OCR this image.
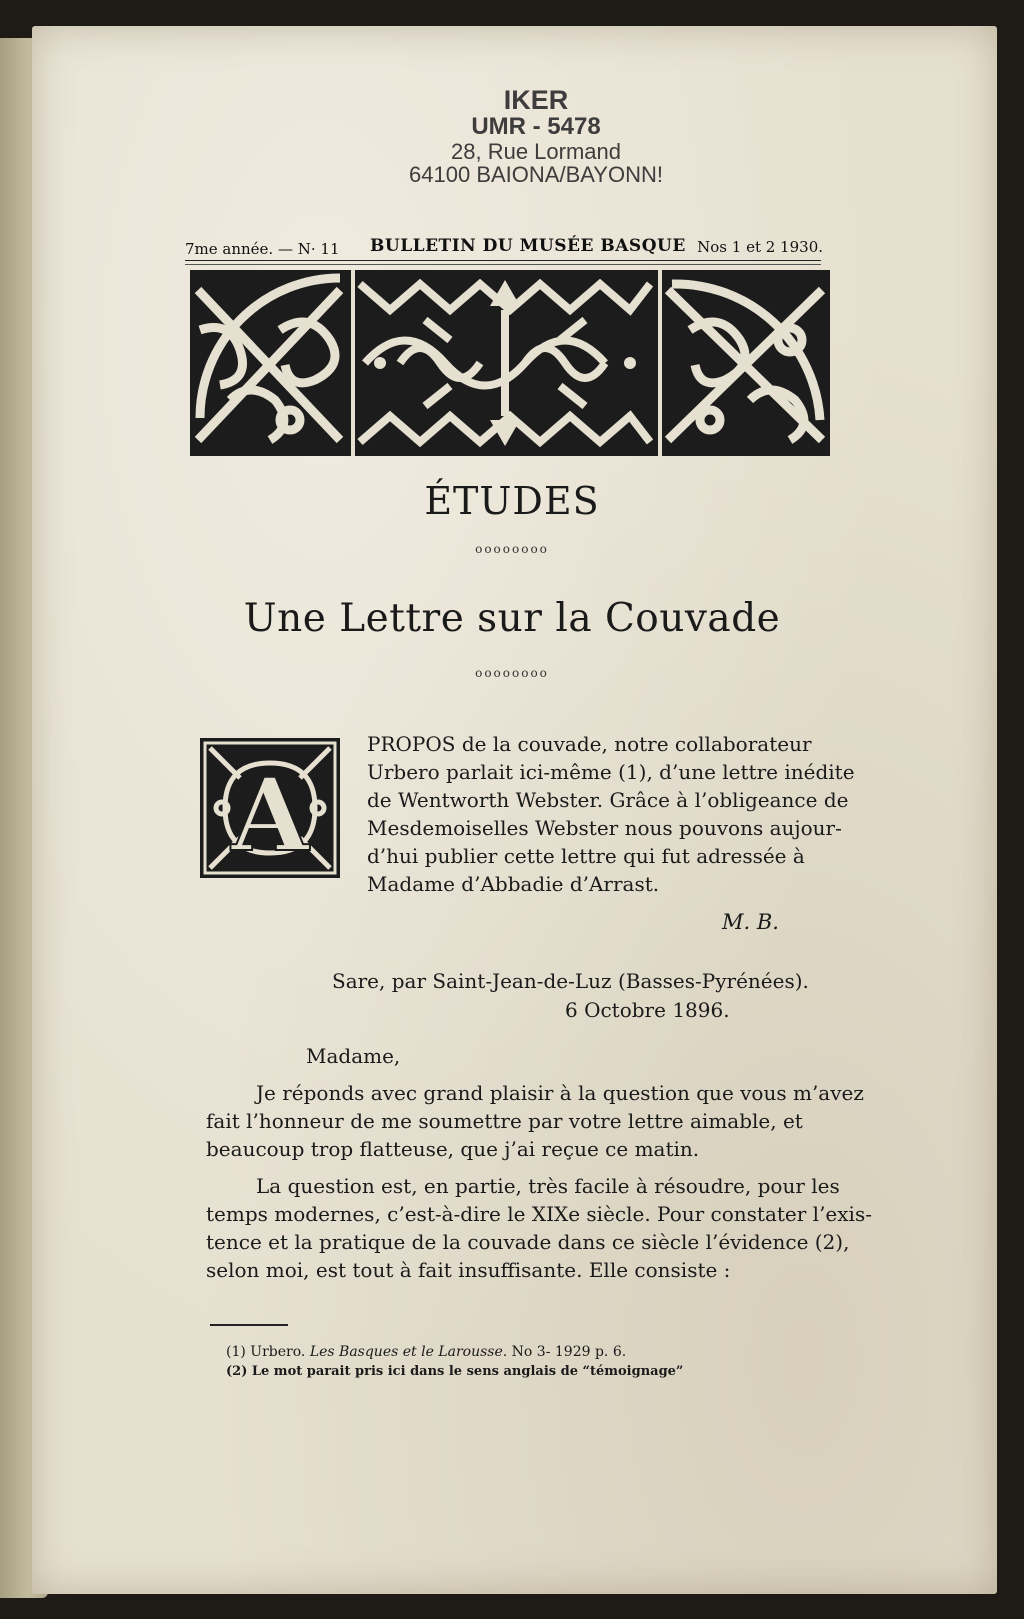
IKER
UMR - 5478
28, Rue Lormand
64100 BAIONA/BAYONN!
7me année. — N· 11 BULLETIN DU MUSÉE BASQUE Nos 1 et 2 1930.
ÉTUDES
oooooooo
Une Lettre sur la Couvade
oooooooo
A
PROPOS de la couvade, notre collaborateur
Urbero parlait ici-même (1), d’une lettre inédite
de Wentworth Webster. Grâce à l’obligeance de
Mesdemoiselles Webster nous pouvons aujour-
d’hui publier cette lettre qui fut adressée à
Madame d’Abbadie d’Arrast.
M. B.
Sare, par Saint-Jean-de-Luz (Basses-Pyrénées).
6 Octobre 1896.
Madame,
Je réponds avec grand plaisir à la question que vous m’avez
fait l’honneur de me soumettre par votre lettre aimable, et
beaucoup trop flatteuse, que j’ai reçue ce matin.
La question est, en partie, très facile à résoudre, pour les
temps modernes, c’est-à-dire le XIXe siècle. Pour constater l’exis-
tence et la pratique de la couvade dans ce siècle l’évidence (2),
selon moi, est tout à fait insuffisante. Elle consiste :
(1) Urbero. Les Basques et le Larousse. No 3- 1929 p. 6.
(2) Le mot parait pris ici dans le sens anglais de “témoignage”
